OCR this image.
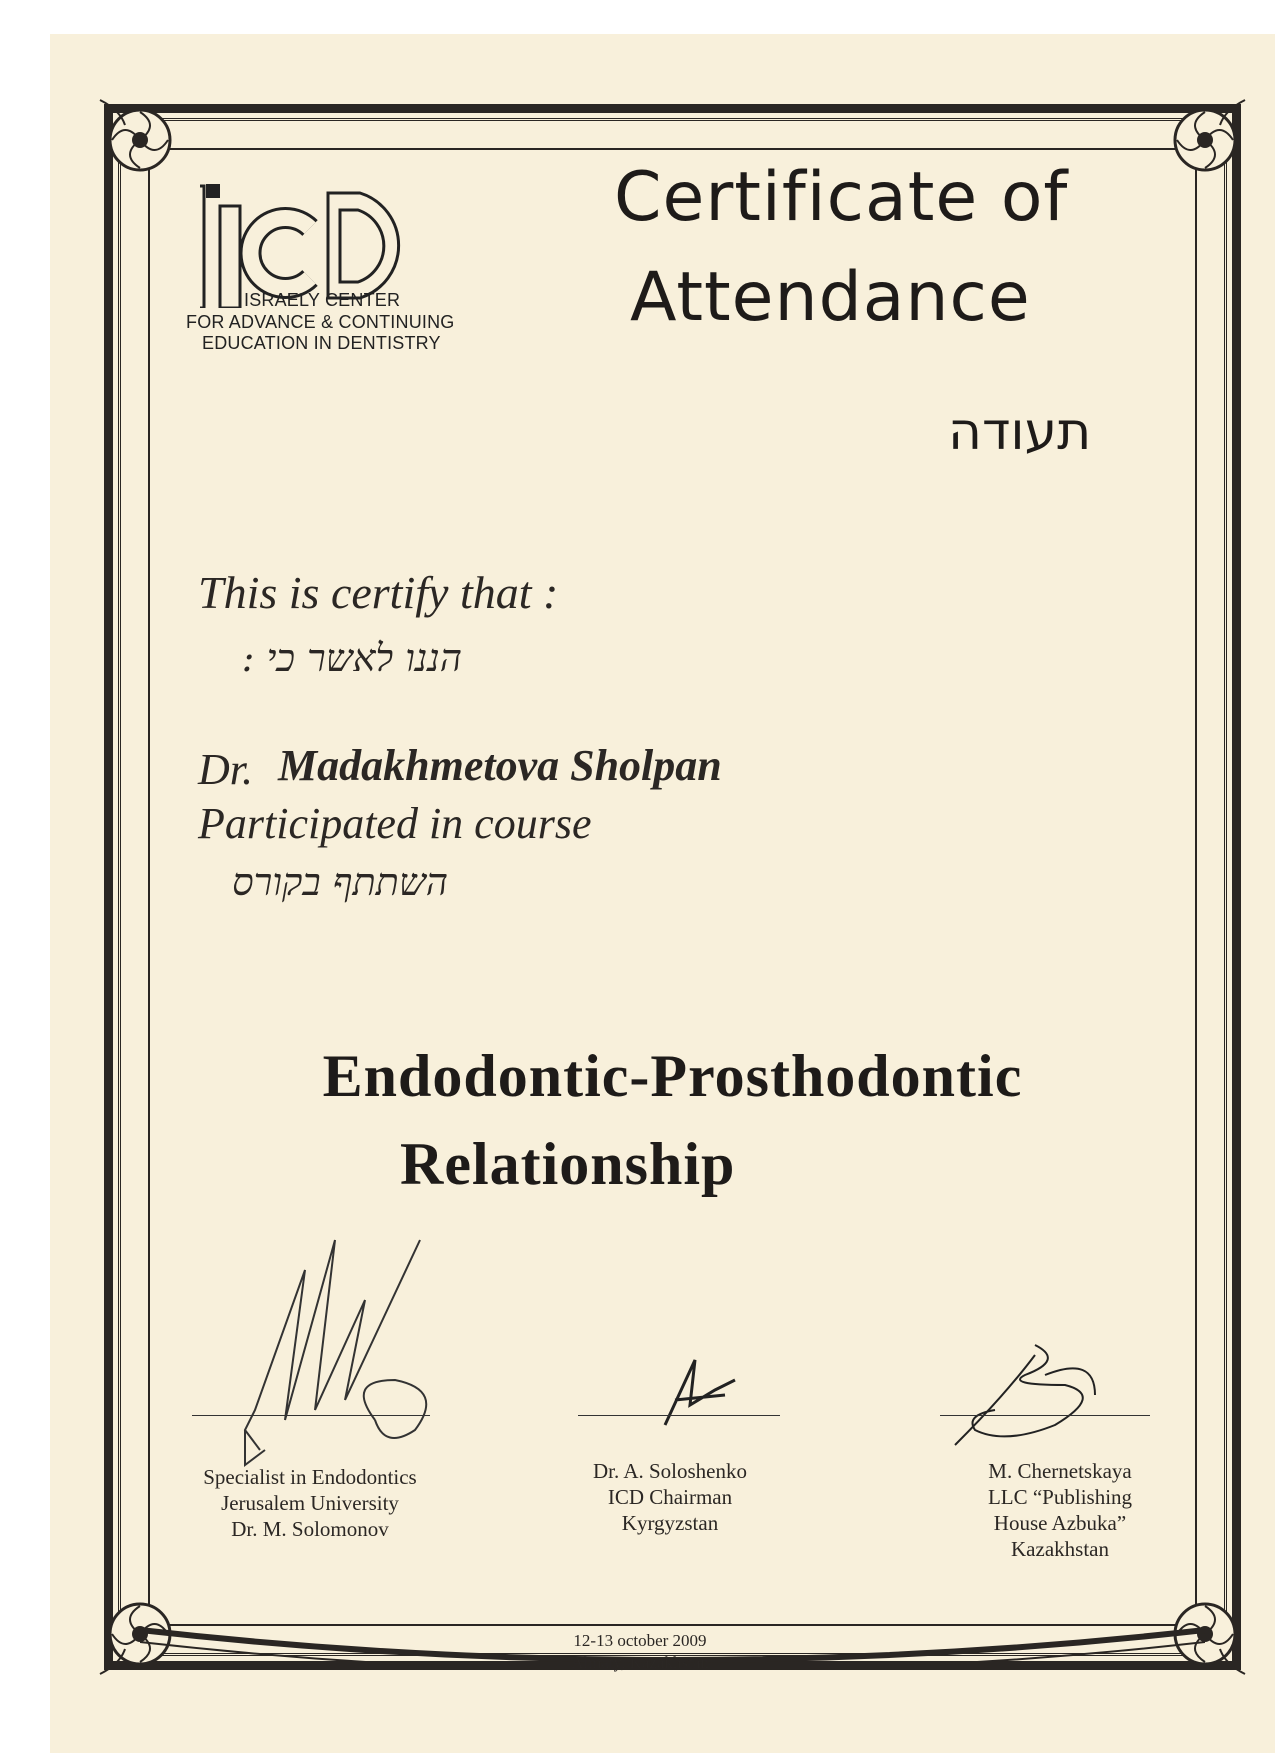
ISRAELY CENTER
FOR ADVANCE & CONTINUING
EDUCATION IN DENTISTRY
Certificate of
Attendance
תעודה
This is certify that :
הננו לאשר כי :
Dr. Madakhmetova Sholpan
Participated in course
השתתף בקורס
Endodontic-Prosthodontic
Relationship
Specialist in Endodontics
Jerusalem University
Dr. M. Solomonov
Dr. A. Soloshenko
ICD Chairman
Kyrgyzstan
M. Chernetskaya
LLC “Publishing
House Azbuka”
Kazakhstan
12-13 october 2009
Almaty, Kazakhstan
